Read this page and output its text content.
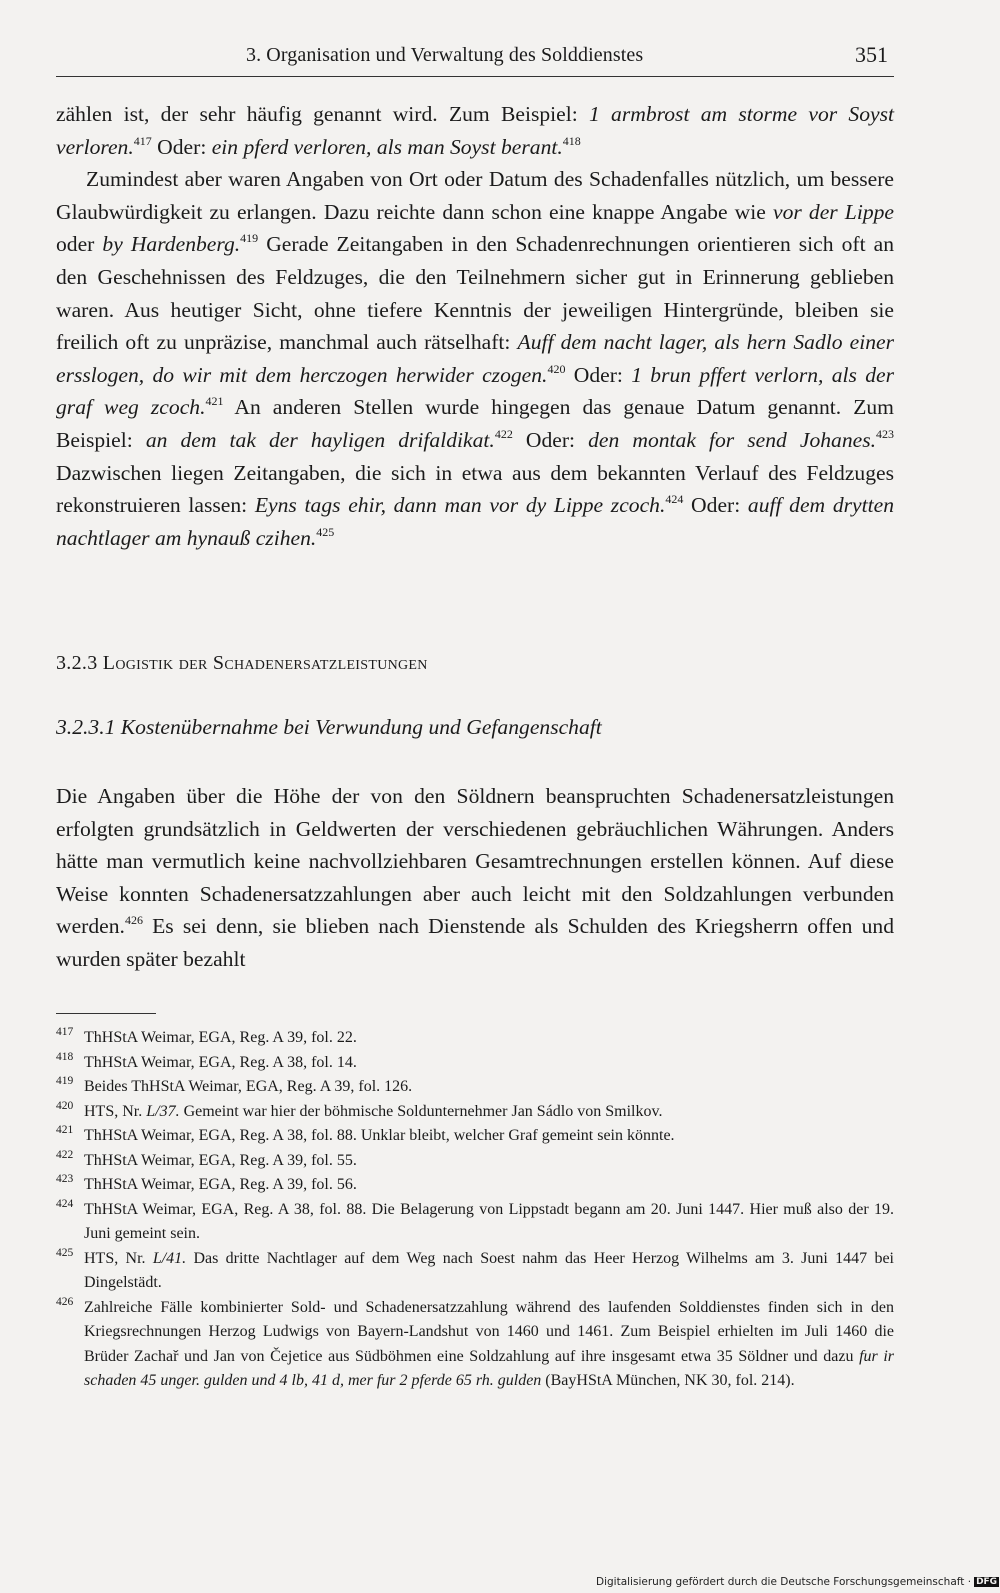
3. Organisation und Verwaltung des Solddienstes	351

zählen ist, der sehr häufig genannt wird. Zum Beispiel: 1 armbrost am storme vor Soyst verloren.$^{417}$ Oder: ein pferd verloren, als man Soyst berant.$^{418}$

Zumindest aber waren Angaben von Ort oder Datum des Schadenfalles nützlich, um bessere Glaubwürdigkeit zu erlangen. Dazu reichte dann schon eine knappe Angabe wie vor der Lippe oder by Hardenberg.$^{419}$ Gerade Zeitangaben in den Schadenrechnungen orientieren sich oft an den Geschehnissen des Feldzuges, die den Teilnehmern sicher gut in Erinnerung geblieben waren. Aus heutiger Sicht, ohne tiefere Kenntnis der jeweiligen Hintergründe, bleiben sie freilich oft zu unpräzise, manchmal auch rätselhaft: Auff dem nacht lager, als hern Sadlo einer ersslogen, do wir mit dem herczogen herwider czogen.$^{420}$ Oder: 1 brun pffert verlorn, als der graf weg zcoch.$^{421}$ An anderen Stellen wurde hingegen das genaue Datum genannt. Zum Beispiel: an dem tak der hayligen drifaldikat.$^{422}$ Oder: den montak for send Johanes.$^{423}$ Dazwischen liegen Zeitangaben, die sich in etwa aus dem bekannten Verlauf des Feldzuges rekonstruieren lassen: Eyns tags ehir, dann man vor dy Lippe zcoch.$^{424}$ Oder: auff dem drytten nachtlager am hynauß czihen.$^{425}$

3.2.3 Logistik der Schadenersatzleistungen
3.2.3.1 Kostenübernahme bei Verwundung und Gefangenschaft

Die Angaben über die Höhe der von den Söldnern beanspruchten Schadenersatzleistungen erfolgten grundsätzlich in Geldwerten der verschiedenen gebräuchlichen Währungen. Anders hätte man vermutlich keine nachvollziehbaren Gesamtrechnungen erstellen können. Auf diese Weise konnten Schadenersatzzahlungen aber auch leicht mit den Soldzahlungen verbunden werden.$^{426}$ Es sei denn, sie blieben nach Dienstende als Schulden des Kriegsherrn offen und wurden später bezahlt

417 ThHStA Weimar, EGA, Reg. A 39, fol. 22.
418 ThHStA Weimar, EGA, Reg. A 38, fol. 14.
419 Beides ThHStA Weimar, EGA, Reg. A 39, fol. 126.
420 HTS, Nr. L/37. Gemeint war hier der böhmische Soldunternehmer Jan Sádlo von Smilkov.
421 ThHStA Weimar, EGA, Reg. A 38, fol. 88. Unklar bleibt, welcher Graf gemeint sein könnte.
422 ThHStA Weimar, EGA, Reg. A 39, fol. 55.
423 ThHStA Weimar, EGA, Reg. A 39, fol. 56.
424 ThHStA Weimar, EGA, Reg. A 38, fol. 88. Die Belagerung von Lippstadt begann am 20. Juni 1447. Hier muß also der 19. Juni gemeint sein.
425 HTS, Nr. L/41. Das dritte Nachtlager auf dem Weg nach Soest nahm das Heer Herzog Wilhelms am 3. Juni 1447 bei Dingelstädt.
426 Zahlreiche Fälle kombinierter Sold- und Schadenersatzzahlung während des laufenden Solddienstes finden sich in den Kriegsrechnungen Herzog Ludwigs von Bayern-Landshut von 1460 und 1461. Zum Beispiel erhielten im Juli 1460 die Brüder Zachař und Jan von Čejetice aus Südböhmen eine Soldzahlung auf ihre insgesamt etwa 35 Söldner und dazu fur ir schaden 45 unger. gulden und 4 lb, 41 d, mer fur 2 pferde 65 rh. gulden (BayHStA München, NK 30, fol. 214).
Digitalisierung gefördert durch die Deutsche Forschungsgemeinschaft · DFG
